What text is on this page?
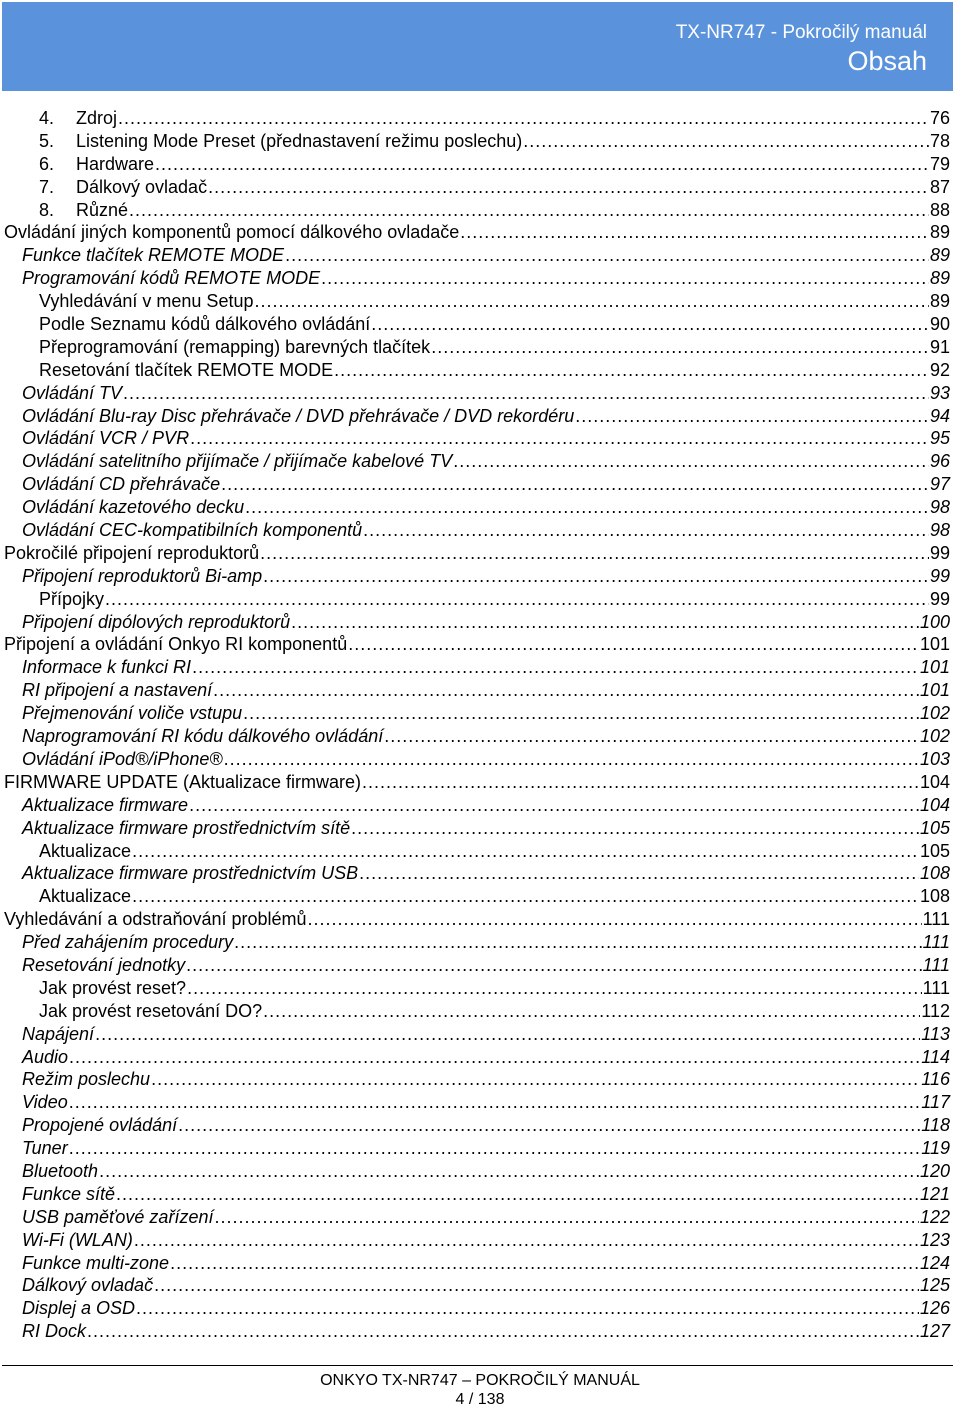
TX-NR747 - Pokročilý manuál
Obsah
4. Zdroj .....	76
5. Listening Mode Preset (přednastavení režimu poslechu) .....	78
6. Hardware .....	79
7. Dálkový ovladač .....	87
8. Různé .....	88
Ovládání jiných komponentů pomocí dálkového ovladače .....	89
Funkce tlačítek REMOTE MODE .....	89
Programování kódů REMOTE MODE .....	89
Vyhledávání v menu Setup .....	89
Podle Seznamu kódů dálkového ovládání .....	90
Přeprogramování (remapping) barevných tlačítek .....	91
Resetování tlačítek REMOTE MODE .....	92
Ovládání TV .....	93
Ovládání Blu-ray Disc přehrávače / DVD přehrávače / DVD rekordéru .....	94
Ovládání VCR / PVR .....	95
Ovládání satelitního přijímače / přijímače kabelové TV .....	96
Ovládání CD přehrávače .....	97
Ovládání kazetového decku .....	98
Ovládání CEC-kompatibilních komponentů .....	98
Pokročilé připojení reproduktorů .....	99
Připojení reproduktorů Bi-amp .....	99
Přípojky .....	99
Připojení dipólových reproduktorů .....	100
Připojení a ovládání Onkyo RI komponentů .....	101
Informace k funkci RI .....	101
RI připojení a nastavení .....	101
Přejmenování voliče vstupu .....	102
Naprogramování RI kódu dálkového ovládání .....	102
Ovládání iPod®/iPhone® .....	103
FIRMWARE UPDATE (Aktualizace firmware) .....	104
Aktualizace firmware .....	104
Aktualizace firmware prostřednictvím sítě .....	105
Aktualizace .....	105
Aktualizace firmware prostřednictvím USB .....	108
Aktualizace .....	108
Vyhledávání a odstraňování problémů .....	111
Před zahájením procedury .....	111
Resetování jednotky .....	111
Jak provést reset? .....	111
Jak provést resetování DO? .....	112
Napájení .....	113
Audio .....	114
Režim poslechu .....	116
Video .....	117
Propojené ovládání .....	118
Tuner .....	119
Bluetooth .....	120
Funkce sítě .....	121
USB paměťové zařízení .....	122
Wi-Fi (WLAN) .....	123
Funkce multi-zone .....	124
Dálkový ovladač .....	125
Displej a OSD .....	126
RI Dock .....	127
ONKYO TX-NR747 – POKROČILÝ MANUÁL
4 / 138
